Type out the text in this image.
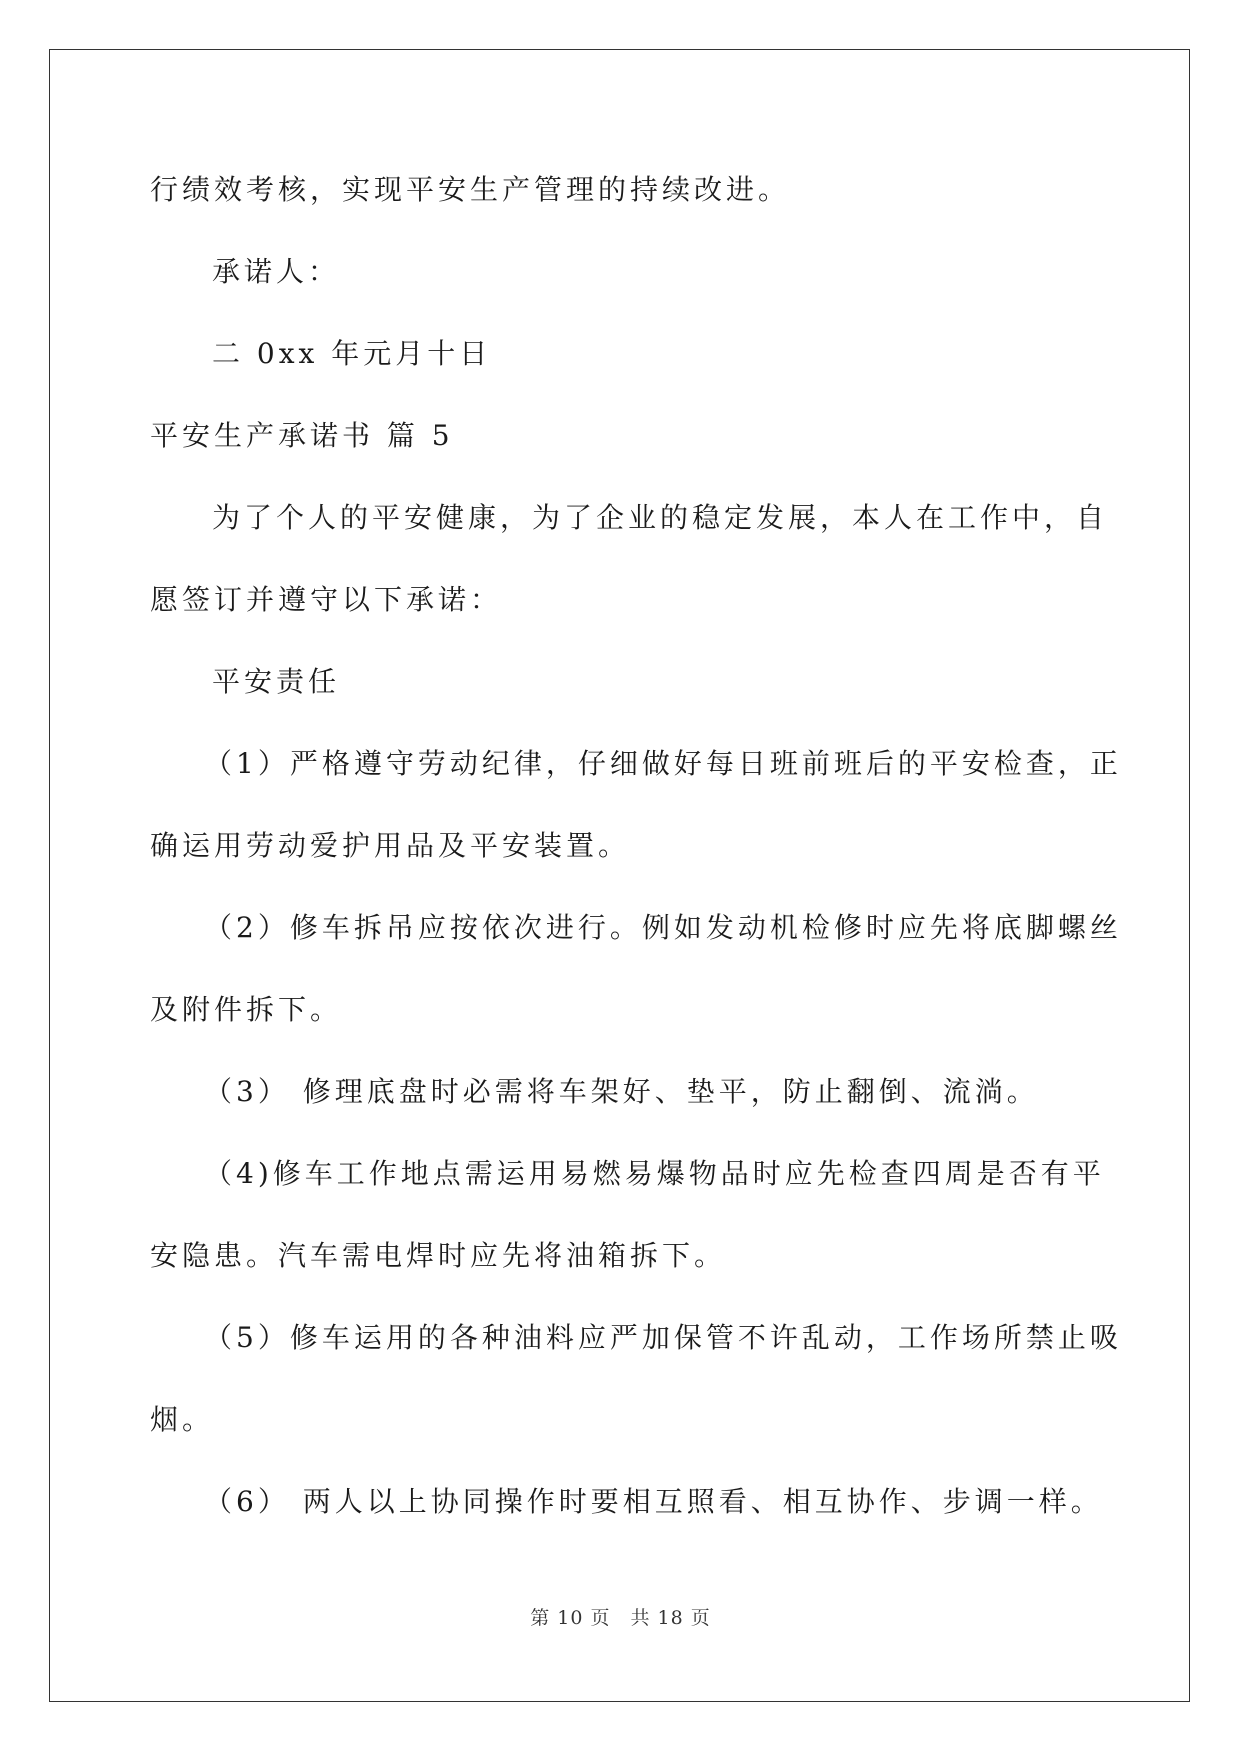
行绩效考核，实现平安生产管理的持续改进。
承诺人：
二 0xx 年元月十日
平安生产承诺书 篇 5
为了个人的平安健康，为了企业的稳定发展，本人在工作中，自
愿签订并遵守以下承诺：
平安责任
（1）严格遵守劳动纪律，仔细做好每日班前班后的平安检查，正
确运用劳动爱护用品及平安装置。
（2）修车拆吊应按依次进行。例如发动机检修时应先将底脚螺丝
及附件拆下。
（3） 修理底盘时必需将车架好、垫平，防止翻倒、流淌。
（4)修车工作地点需运用易燃易爆物品时应先检查四周是否有平
安隐患。汽车需电焊时应先将油箱拆下。
（5）修车运用的各种油料应严加保管不许乱动，工作场所禁止吸
烟。
（6） 两人以上协同操作时要相互照看、相互协作、步调一样。
第 10 页 共 18 页
